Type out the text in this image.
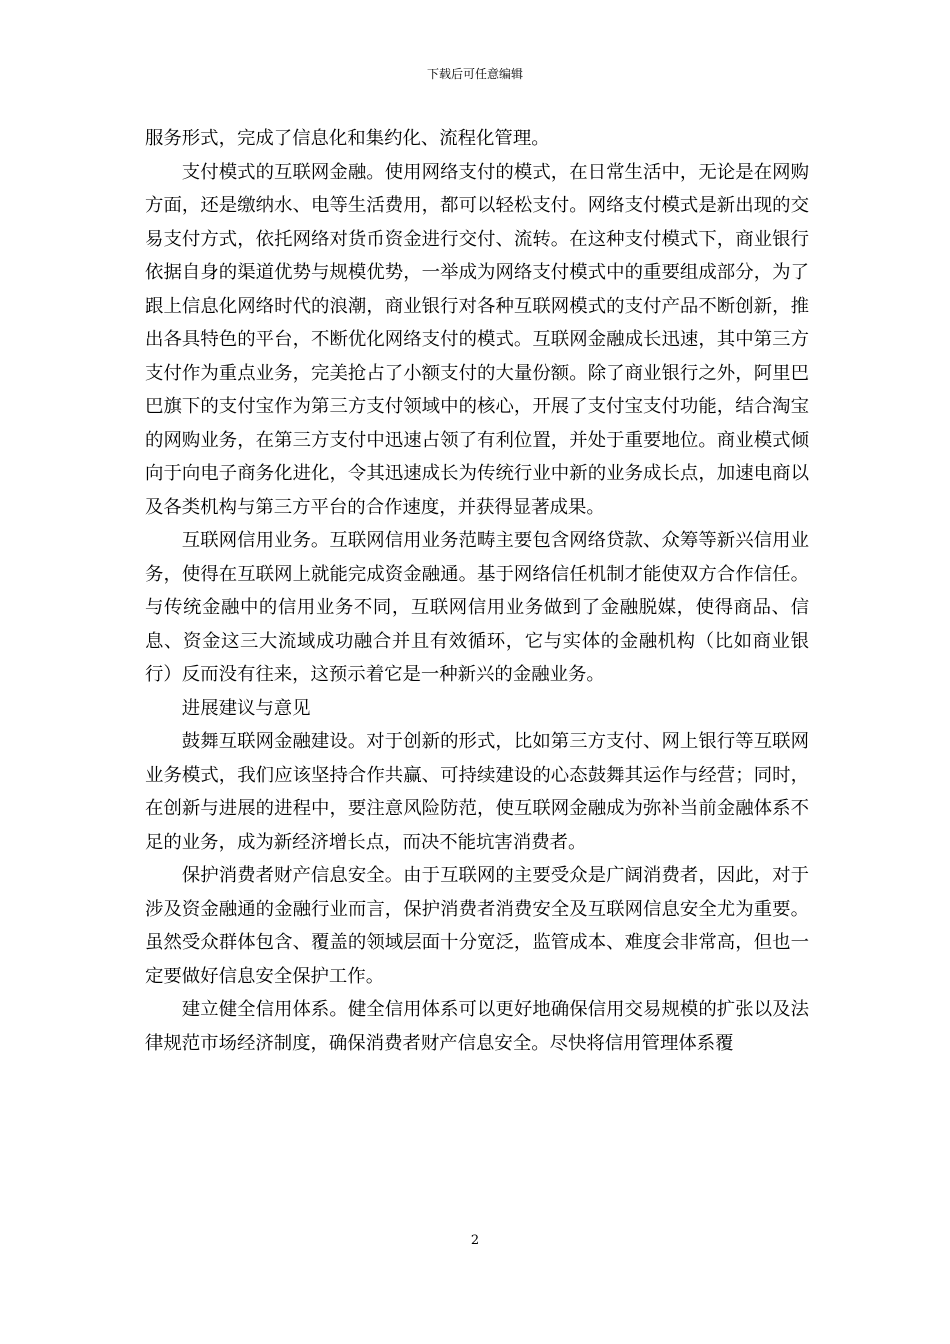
下载后可任意编辑

服务形式，完成了信息化和集约化、流程化管理。

支付模式的互联网金融。使用网络支付的模式，在日常生活中，无论是在网购方面，还是缴纳水、电等生活费用，都可以轻松支付。网络支付模式是新出现的交易支付方式，依托网络对货币资金进行交付、流转。在这种支付模式下，商业银行依据自身的渠道优势与规模优势，一举成为网络支付模式中的重要组成部分，为了跟上信息化网络时代的浪潮，商业银行对各种互联网模式的支付产品不断创新，推出各具特色的平台，不断优化网络支付的模式。互联网金融成长迅速，其中第三方支付作为重点业务，完美抢占了小额支付的大量份额。除了商业银行之外，阿里巴巴旗下的支付宝作为第三方支付领域中的核心，开展了支付宝支付功能，结合淘宝的网购业务，在第三方支付中迅速占领了有利位置，并处于重要地位。商业模式倾向于向电子商务化进化，令其迅速成长为传统行业中新的业务成长点，加速电商以及各类机构与第三方平台的合作速度，并获得显著成果。

互联网信用业务。互联网信用业务范畴主要包含网络贷款、众筹等新兴信用业务，使得在互联网上就能完成资金融通。基于网络信任机制才能使双方合作信任。与传统金融中的信用业务不同，互联网信用业务做到了金融脱媒，使得商品、信息、资金这三大流域成功融合并且有效循环，它与实体的金融机构（比如商业银行）反而没有往来，这预示着它是一种新兴的金融业务。

进展建议与意见

鼓舞互联网金融建设。对于创新的形式，比如第三方支付、网上银行等互联网业务模式，我们应该坚持合作共赢、可持续建设的心态鼓舞其运作与经营；同时，在创新与进展的进程中，要注意风险防范，使互联网金融成为弥补当前金融体系不足的业务，成为新经济增长点，而决不能坑害消费者。

保护消费者财产信息安全。由于互联网的主要受众是广阔消费者，因此，对于涉及资金融通的金融行业而言，保护消费者消费安全及互联网信息安全尤为重要。虽然受众群体包含、覆盖的领域层面十分宽泛，监管成本、难度会非常高，但也一定要做好信息安全保护工作。

建立健全信用体系。健全信用体系可以更好地确保信用交易规模的扩张以及法律规范市场经济制度，确保消费者财产信息安全。尽快将信用管理体系覆

2
